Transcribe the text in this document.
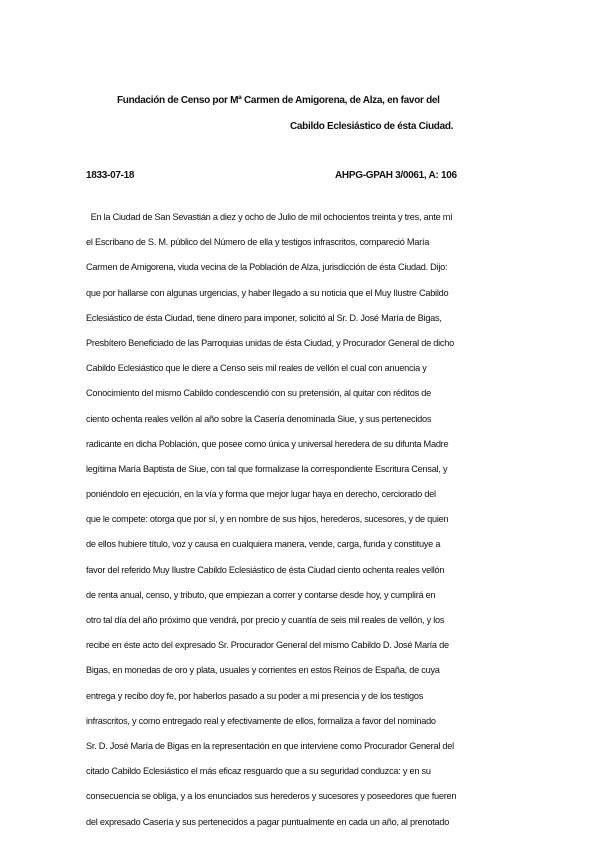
Fundación de Censo por Mª Carmen de Amigorena, de Alza, en favor del
Cabildo Eclesiástico de ésta Ciudad.
1833-07-18	AHPG-GPAH 3/0061, A: 106
En la Ciudad de San Sevastián a diez y ocho de Julio de mil ochocientos treinta y tres, ante mí
el Escribano de S. M. público del Número de ella y testigos infrascritos, compareció María
Carmen de Amigorena, viuda vecina de la Población de Alza, jurisdicción de ésta Ciudad. Dijo:
que por hallarse con algunas urgencias, y haber llegado a su noticia que el Muy Ilustre Cabildo
Eclesiástico de ésta Ciudad, tiene dinero para imponer, solicitó al Sr. D. José María de Bigas,
Presbítero Beneficiado de las Parroquias unidas de ésta Ciudad, y Procurador General de dicho
Cabildo Eclesiástico que le diere a Censo seis mil reales de vellón el cual con anuencia y
Conocimiento del mismo Cabildo condescendió con su pretensión, al quitar con réditos de
ciento ochenta reales vellón al año sobre la Casería denominada Siue, y sus pertenecidos
radicante en dicha Población, que posee como única y universal heredera de su difunta Madre
legítima María Baptista de Siue, con tal que formalizase la correspondiente Escritura Censal, y
poniéndolo en ejecución, en la vía y forma que mejor lugar haya en derecho, cerciorado del
que le compete: otorga que por sí, y en nombre de sus hijos, herederos, sucesores, y de quien
de ellos hubiere título, voz y causa en cualquiera manera, vende, carga, funda y constituye a
favor del referido Muy Ilustre Cabildo Eclesiástico de ésta Ciudad ciento ochenta reales vellón
de renta anual, censo, y tributo, que empiezan a correr y contarse desde hoy, y cumplirá en
otro tal día del año próximo que vendrá, por precio y cuantía de seis mil reales de vellón, y los
recibe en éste acto del expresado Sr. Procurador General del mismo Cabildo D. José María de
Bigas, en monedas de oro y plata, usuales y corrientes en estos Reinos de España, de cuya
entrega y recibo doy fe, por haberlos pasado a su poder a mi presencia y de los testigos
infrascritos, y como entregado real y efectivamente de ellos, formaliza a favor del nominado
Sr. D. José María de Bigas en la representación en que interviene como Procurador General del
citado Cabildo Eclesiástico el más eficaz resguardo que a su seguridad conduzca: y en su
consecuencia se obliga, y a los enunciados sus herederos y sucesores y poseedores que fueren
del expresado Casería y sus pertenecidos a pagar puntualmente en cada un año, al prenotado
